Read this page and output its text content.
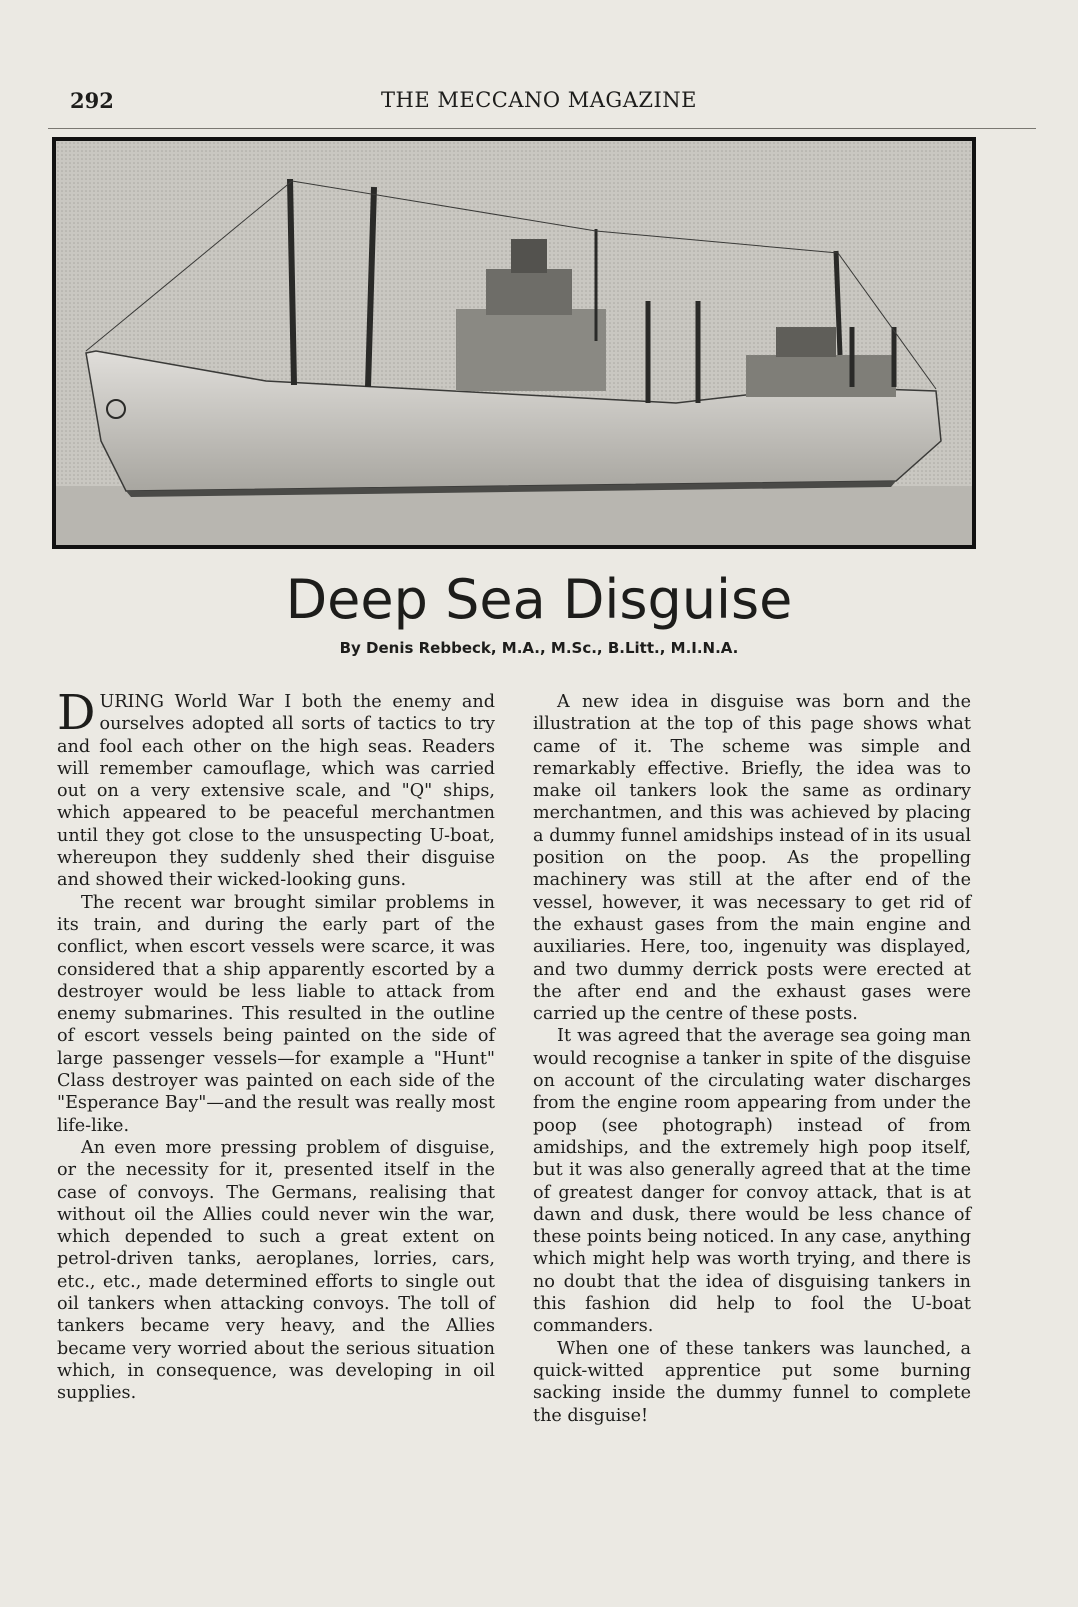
292	THE MECCANO MAGAZINE
Deep Sea Disguise
By Denis Rebbeck, M.A., M.Sc., B.Litt., M.I.N.A.

DURING World War I both the enemy and ourselves adopted all sorts of tactics to try and fool each other on the high seas. Readers will remember camouflage, which was carried out on a very extensive scale, and "Q" ships, which appeared to be peaceful merchantmen until they got close to the unsuspecting U-boat, whereupon they suddenly shed their disguise and showed their wicked-looking guns.

The recent war brought similar problems in its train, and during the early part of the conflict, when escort vessels were scarce, it was considered that a ship apparently escorted by a destroyer would be less liable to attack from enemy submarines. This resulted in the outline of escort vessels being painted on the side of large passenger vessels—for example a "Hunt" Class destroyer was painted on each side of the "Esperance Bay"—and the result was really most life-like.

An even more pressing problem of disguise, or the necessity for it, presented itself in the case of convoys. The Germans, realising that without oil the Allies could never win the war, which depended to such a great extent on petrol-driven tanks, aeroplanes, lorries, cars, etc., etc., made determined efforts to single out oil tankers when attacking convoys. The toll of tankers became very heavy, and the Allies became very worried about the serious situation which, in consequence, was developing in oil supplies.

A new idea in disguise was born and the illustration at the top of this page shows what came of it. The scheme was simple and remarkably effective. Briefly, the idea was to make oil tankers look the same as ordinary merchantmen, and this was achieved by placing a dummy funnel amidships instead of in its usual position on the poop. As the propelling machinery was still at the after end of the vessel, however, it was necessary to get rid of the exhaust gases from the main engine and auxiliaries. Here, too, ingenuity was displayed, and two dummy derrick posts were erected at the after end and the exhaust gases were carried up the centre of these posts.

It was agreed that the average sea going man would recognise a tanker in spite of the disguise on account of the circulating water discharges from the engine room appearing from under the poop (see photograph) instead of from amidships, and the extremely high poop itself, but it was also generally agreed that at the time of greatest danger for convoy attack, that is at dawn and dusk, there would be less chance of these points being noticed. In any case, anything which might help was worth trying, and there is no doubt that the idea of disguising tankers in this fashion did help to fool the U-boat commanders.

When one of these tankers was launched, a quick-witted apprentice put some burning sacking inside the dummy funnel to complete the disguise!
